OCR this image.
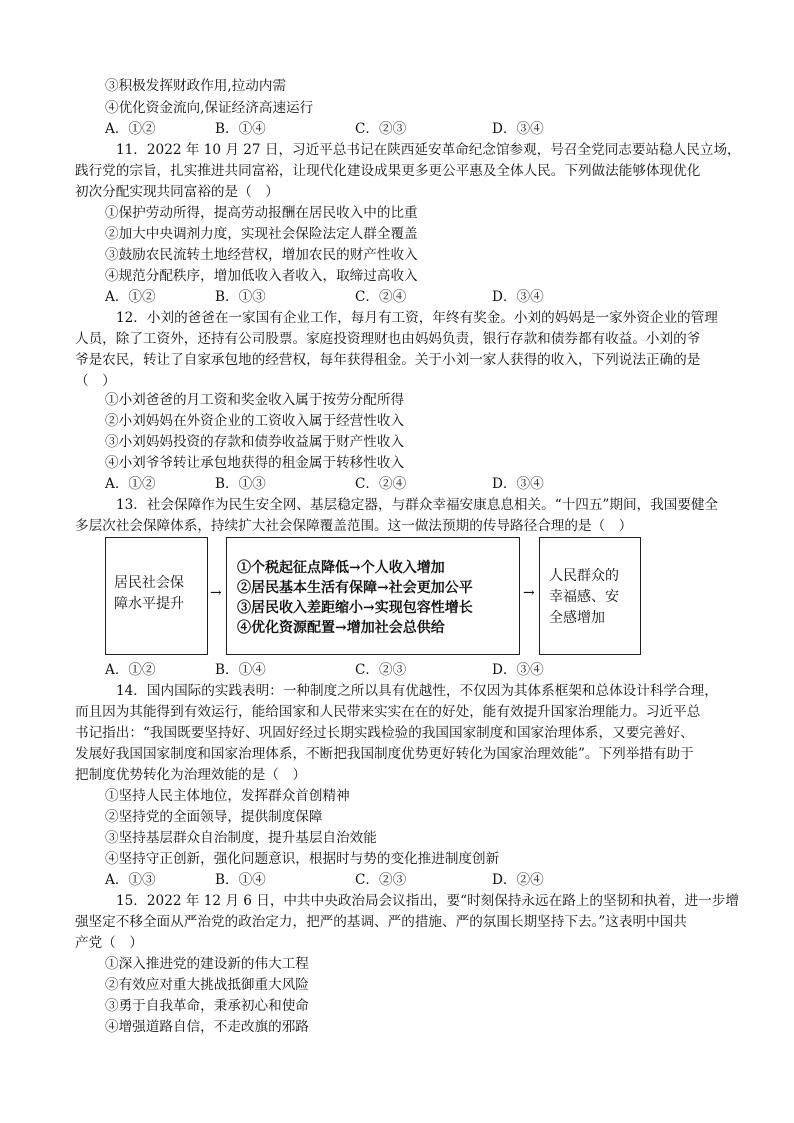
③积极发挥财政作用,拉动内需
④优化资金流向,保证经济高速运行
A．①②	B．①④	C．②③	D．③④
11．2022 年 10 月 27 日，习近平总书记在陕西延安革命纪念馆参观，号召全党同志要站稳人民立场，
践行党的宗旨，扎实推进共同富裕，让现代化建设成果更多更公平惠及全体人民。下列做法能够体现优化
初次分配实现共同富裕的是（　）
①保护劳动所得，提高劳动报酬在居民收入中的比重
②加大中央调剂力度，实现社会保险法定人群全覆盖
③鼓励农民流转土地经营权，增加农民的财产性收入
④规范分配秩序，增加低收入者收入，取缔过高收入
A．①②	B．①③	C．②④	D．③④
12．小刘的爸爸在一家国有企业工作，每月有工资，年终有奖金。小刘的妈妈是一家外资企业的管理
人员，除了工资外，还持有公司股票。家庭投资理财也由妈妈负责，银行存款和债券都有收益。小刘的爷
爷是农民，转让了自家承包地的经营权，每年获得租金。关于小刘一家人获得的收入，下列说法正确的是
（　）
①小刘爸爸的月工资和奖金收入属于按劳分配所得
②小刘妈妈在外资企业的工资收入属于经营性收入
③小刘妈妈投资的存款和债券收益属于财产性收入
④小刘爷爷转让承包地获得的租金属于转移性收入
A．①②	B．①③	C．②④	D．③④
13．社会保障作为民生安全网、基层稳定器，与群众幸福安康息息相关。“十四五”期间，我国要健全
多层次社会保障体系，持续扩大社会保障覆盖范围。这一做法预期的传导路径合理的是（　）
居民社会保
障水平提升
→
①个税起征点降低→个人收入增加
②居民基本生活有保障→社会更加公平
③居民收入差距缩小→实现包容性增长
④优化资源配置→增加社会总供给
→
人民群众的
幸福感、安
全感增加
A．①②	B．①④	C．②③	D．③④
14．国内国际的实践表明：一种制度之所以具有优越性，不仅因为其体系框架和总体设计科学合理，
而且因为其能得到有效运行，能给国家和人民带来实实在在的好处，能有效提升国家治理能力。习近平总
书记指出：“我国既要坚持好、巩固好经过长期实践检验的我国国家制度和国家治理体系，又要完善好、
发展好我国国家制度和国家治理体系，不断把我国制度优势更好转化为国家治理效能”。下列举措有助于
把制度优势转化为治理效能的是（　）
①坚持人民主体地位，发挥群众首创精神
②坚持党的全面领导，提供制度保障
③坚持基层群众自治制度，提升基层自治效能
④坚持守正创新，强化问题意识，根据时与势的变化推进制度创新
A．①③	B．①④	C．②③	D．②④
15．2022 年 12 月 6 日，中共中央政治局会议指出，要“时刻保持永远在路上的坚韧和执着，进一步增
强坚定不移全面从严治党的政治定力，把严的基调、严的措施、严的氛围长期坚持下去。”这表明中国共
产党（　）
①深入推进党的建设新的伟大工程
②有效应对重大挑战抵御重大风险
③勇于自我革命，秉承初心和使命
④增强道路自信，不走改旗的邪路
